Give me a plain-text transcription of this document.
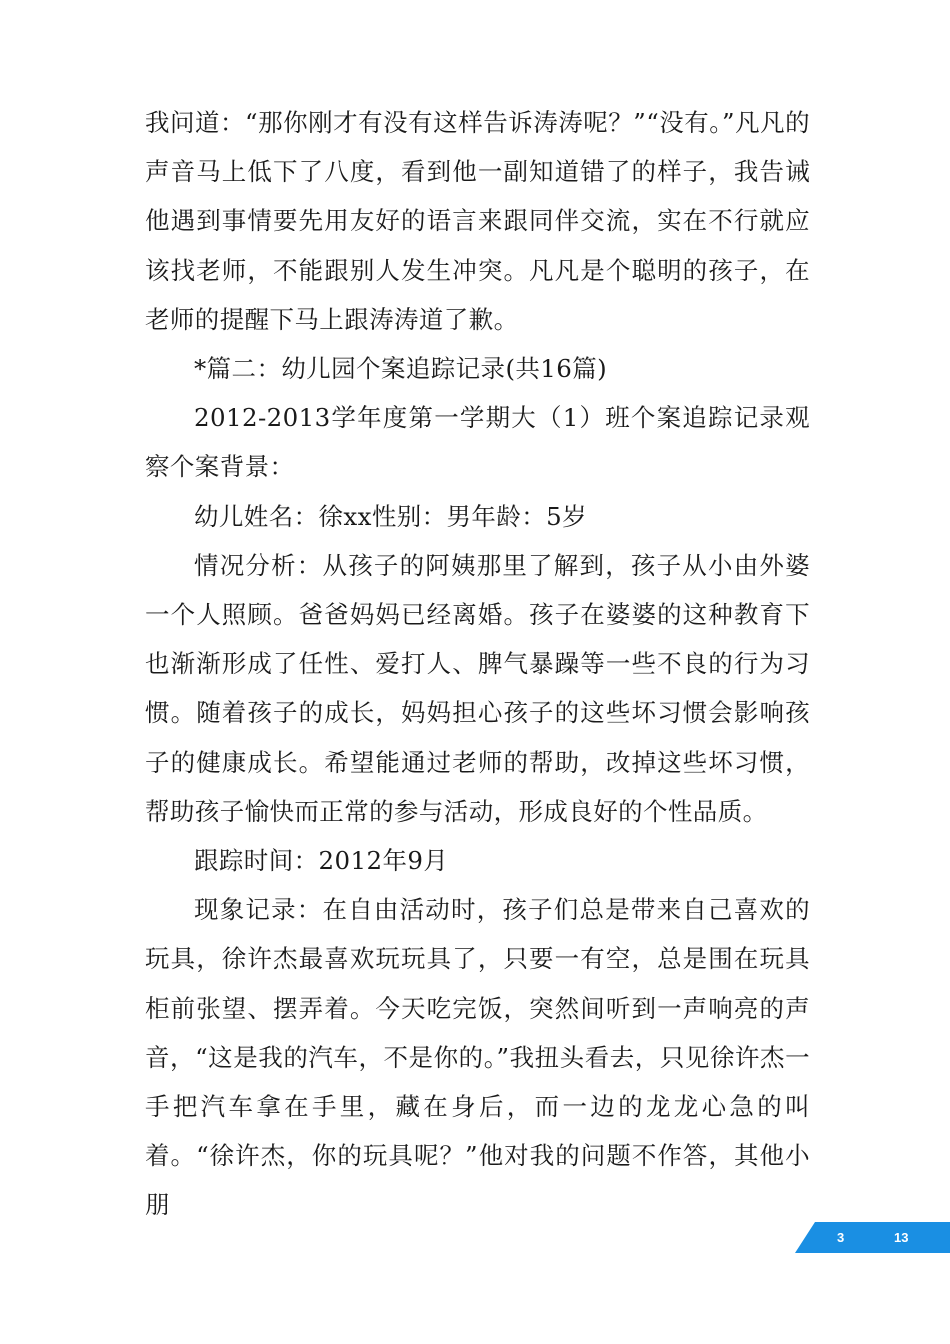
我问道：“那你刚才有没有这样告诉涛涛呢？”“没有。”凡凡的声音马上低下了八度，看到他一副知道错了的样子，我告诫他遇到事情要先用友好的语言来跟同伴交流，实在不行就应该找老师，不能跟别人发生冲突。凡凡是个聪明的孩子，在老师的提醒下马上跟涛涛道了歉。

*篇二：幼儿园个案追踪记录(共16篇)

2012-2013学年度第一学期大（1）班个案追踪记录观察个案背景：

幼儿姓名：徐xx性别：男年龄：5岁

情况分析：从孩子的阿姨那里了解到，孩子从小由外婆一个人照顾。爸爸妈妈已经离婚。孩子在婆婆的这种教育下也渐渐形成了任性、爱打人、脾气暴躁等一些不良的行为习惯。随着孩子的成长，妈妈担心孩子的这些坏习惯会影响孩子的健康成长。希望能通过老师的帮助，改掉这些坏习惯，帮助孩子愉快而正常的参与活动，形成良好的个性品质。

跟踪时间：2012年9月

现象记录：在自由活动时，孩子们总是带来自己喜欢的玩具，徐许杰最喜欢玩玩具了，只要一有空，总是围在玩具柜前张望、摆弄着。今天吃完饭，突然间听到一声响亮的声音，“这是我的汽车，不是你的。”我扭头看去，只见徐许杰一手把汽车拿在手里，藏在身后，而一边的龙龙心急的叫着。“徐许杰，你的玩具呢？”他对我的问题不作答，其他小朋

3	13
